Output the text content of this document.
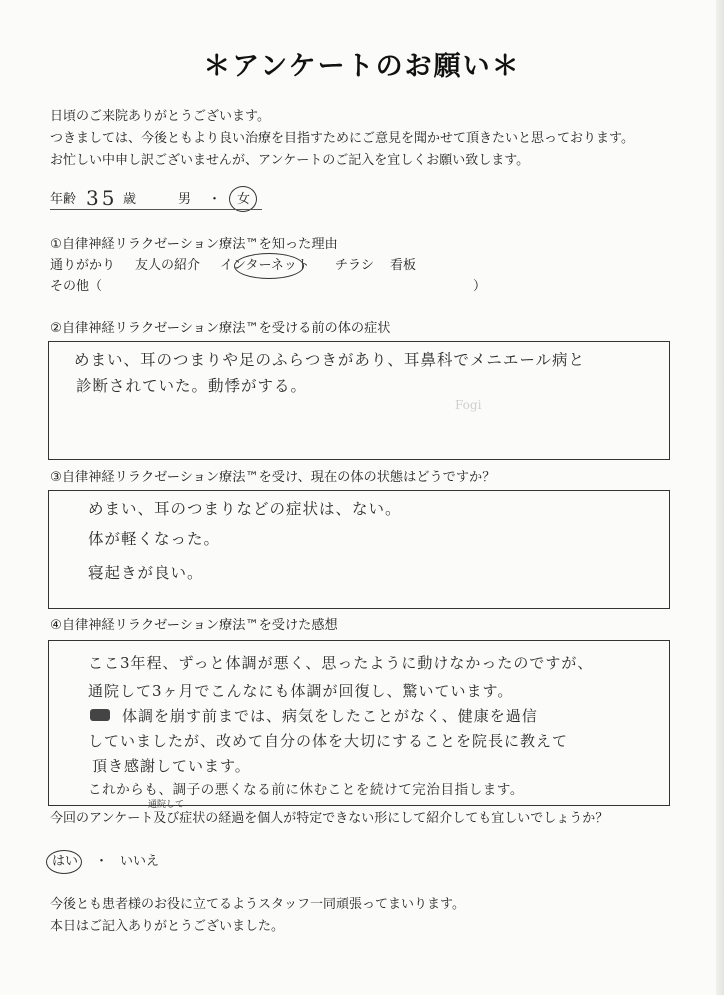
＊アンケートのお願い＊
日頃のご来院ありがとうございます。
つきましては、今後ともより良い治療を目指すためにご意見を聞かせて頂きたいと思っております。
お忙しい中申し訳ございませんが、アンケートのご記入を宜しくお願い致します。
年齢 35 歳	男 ・ 女
①自律神経リラクゼーション療法™を知った理由
通りがかり 友人の紹介 インターネット チラシ 看板
その他（	）
②自律神経リラクゼーション療法™を受ける前の体の症状
めまい、耳のつまりや足のふらつきがあり、耳鼻科でメニエール病と
診断されていた。動悸がする。
Fogi
③自律神経リラクゼーション療法™を受け、現在の体の状態はどうですか？
めまい、耳のつまりなどの症状は、ない。
体が軽くなった。
寝起きが良い。
④自律神経リラクゼーション療法™を受けた感想
ここ3年程、ずっと体調が悪く、思ったように動けなかったのですが、
通院して3ヶ月でこんなにも体調が回復し、驚いています。
体調を崩す前までは、病気をしたことがなく、健康を過信
していましたが、改めて自分の体を大切にすることを院長に教えて
頂き感謝しています。
これからも、調子の悪くなる前に休むことを続けて完治目指します。
通院して
今回のアンケート及び症状の経過を個人が特定できない形にして紹介しても宜しいでしょうか？
はい ・ いいえ
今後とも患者様のお役に立てるようスタッフ一同頑張ってまいります。
本日はご記入ありがとうございました。
